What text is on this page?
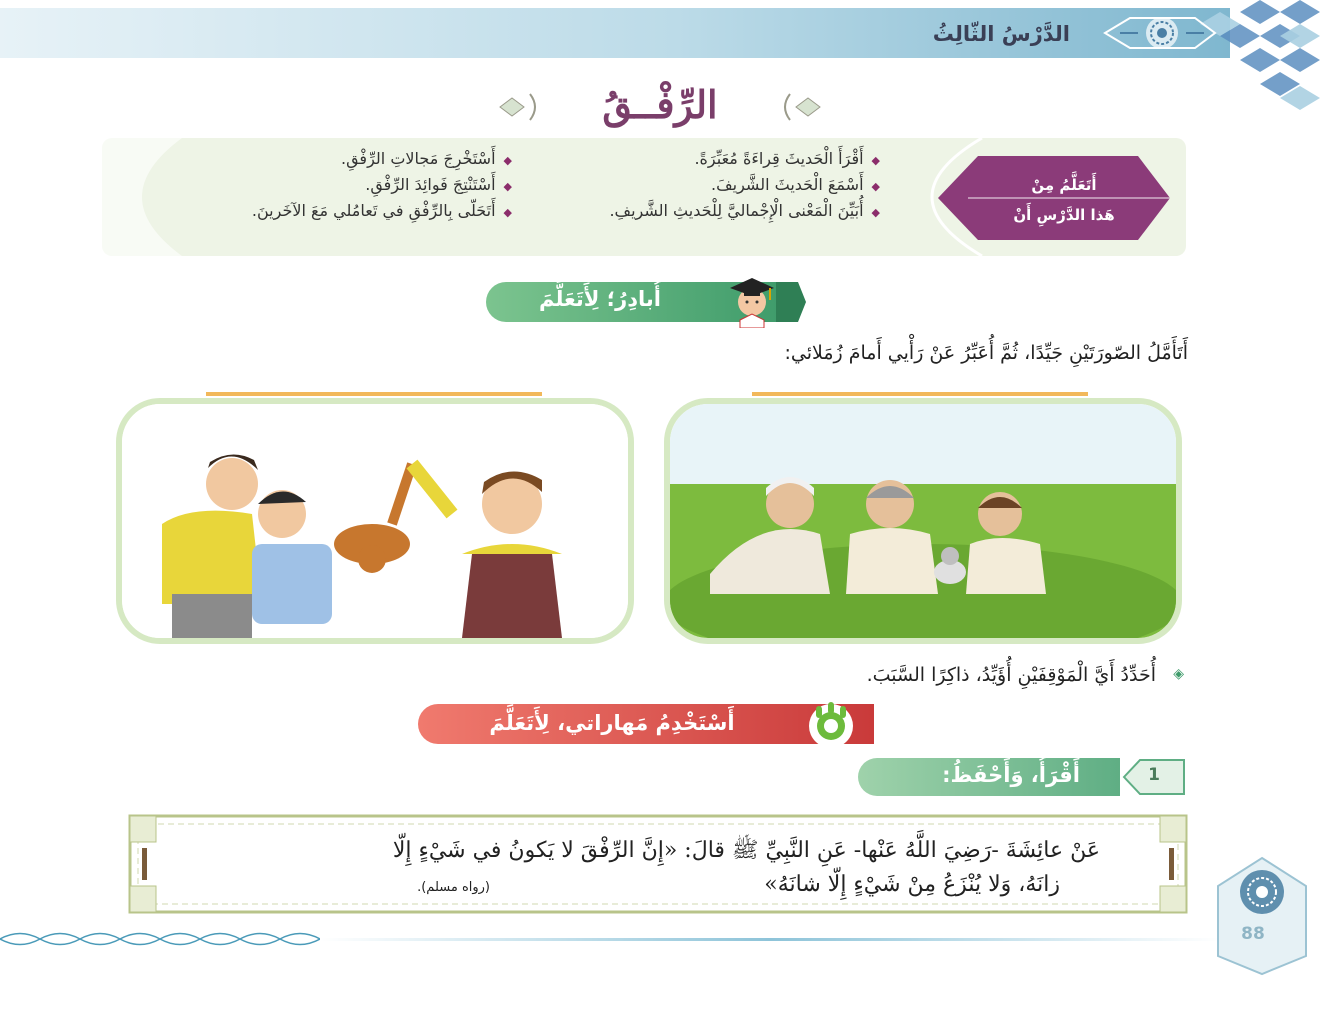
الدَّرْسُ الثّالِثُ
الرِّفْــقُ
أَتَعَلَّمُ مِنْ
هَذا الدَّرْسِ أَنْ
◆أَقْرَأَ الْحَديثَ قِراءَةً مُعَبِّرَةً.
◆أَسْمَعَ الْحَديثَ الشَّريفَ.
◆أُبَيِّنَ الْمَعْنى الْإِجْماليَّ لِلْحَديثِ الشَّريفِ.
◆أَسْتَخْرِجَ مَجالاتِ الرِّفْقِ.
◆أَسْتَنْتِجَ فَوائِدَ الرِّفْقِ.
◆أَتَحَلّى بِالرِّفْقِ في تَعامُلي مَعَ الآخَرينَ.
أُبادِرُ؛ لِأَتَعَلَّمَ
أَتَأَمَّلُ الصّورَتَيْنِ جَيِّدًا، ثُمَّ أُعَبِّرُ عَنْ رَأْيي أَمامَ زُمَلائي:
◈
أُحَدِّدُ أَيَّ الْمَوْقِفَيْنِ أُؤَيِّدُ، ذاكِرًا السَّبَبَ.
أَسْتَخْدِمُ مَهاراتي، لِأَتَعَلَّمَ
1
أَقْرَأُ، وَأَحْفَظُ:
عَنْ عائِشَةَ -رَضِيَ اللَّهُ عَنْها- عَنِ النَّبِيِّ ﷺ قالَ: «إِنَّ الرِّفْقَ لا يَكونُ في شَيْءٍ إِلّا
زانَهُ، وَلا يُنْزَعُ مِنْ شَيْءٍ إِلّا شانَهُ»
(رواه مسلم).
88
